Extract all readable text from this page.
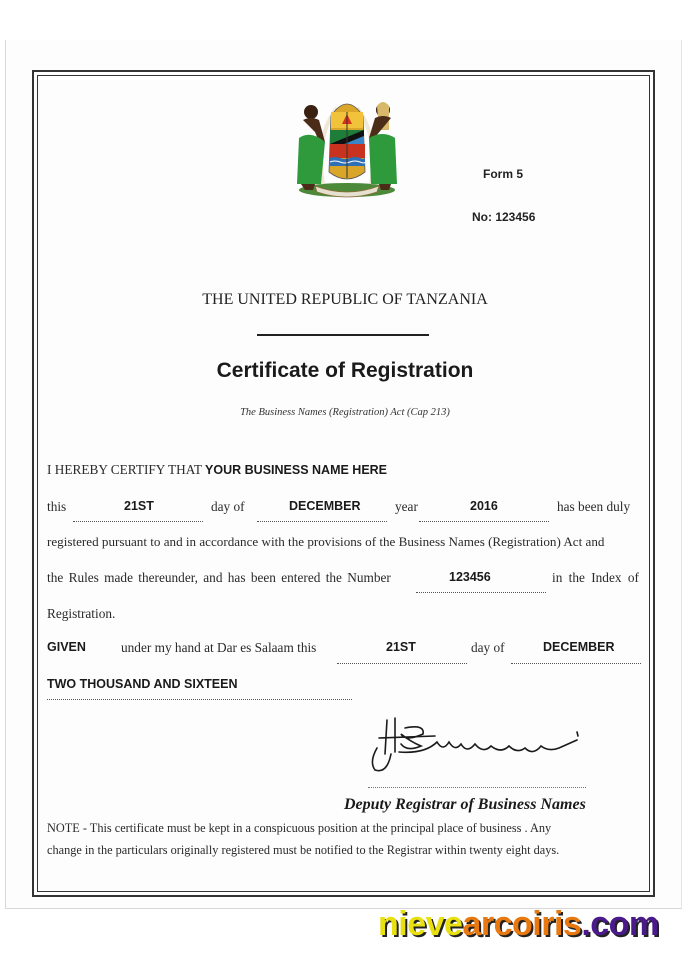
Form 5
No: 123456
THE UNITED REPUBLIC OF TANZANIA
Certificate of Registration
The Business Names (Registration) Act (Cap 213)
I HEREBY CERTIFY THAT YOUR BUSINESS NAME HERE
this	21ST	day of	DECEMBER	year	2016	has been duly
registered pursuant to and in accordance with the provisions of the Business Names (Registration) Act and
the Rules made thereunder, and has been entered the Number	123456	in the Index of
Registration.
GIVEN	under my hand at Dar es Salaam this	21ST	day of	DECEMBER
TWO THOUSAND AND SIXTEEN
Deputy Registrar of Business Names
NOTE - This certificate must be kept in a conspicuous position at the principal place of business . Any
change in the particulars originally registered must be notified to the Registrar within twenty eight days.
nievearcoiris.com
